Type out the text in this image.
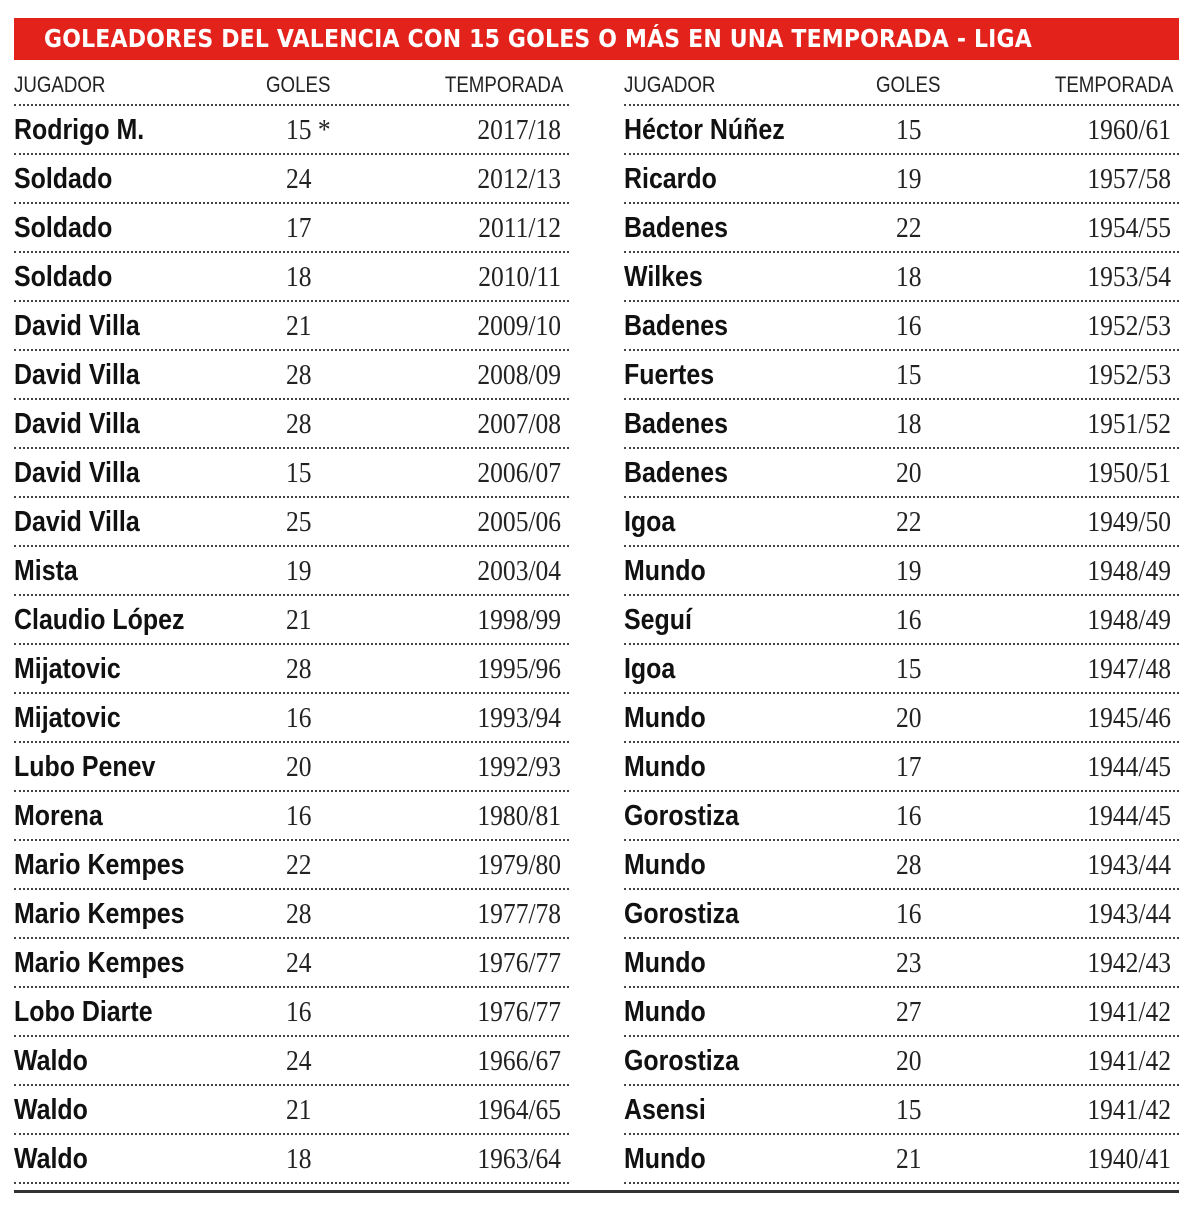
GOLEADORES DEL VALENCIA CON 15 GOLES O MÁS EN UNA TEMPORADA - LIGA
JUGADOR	GOLES	TEMPORADA
Rodrigo M.	15 *	2017/18
Soldado	24	2012/13
Soldado	17	2011/12
Soldado	18	2010/11
David Villa	21	2009/10
David Villa	28	2008/09
David Villa	28	2007/08
David Villa	15	2006/07
David Villa	25	2005/06
Mista	19	2003/04
Claudio López	21	1998/99
Mijatovic	28	1995/96
Mijatovic	16	1993/94
Lubo Penev	20	1992/93
Morena	16	1980/81
Mario Kempes	22	1979/80
Mario Kempes	28	1977/78
Mario Kempes	24	1976/77
Lobo Diarte	16	1976/77
Waldo	24	1966/67
Waldo	21	1964/65
Waldo	18	1963/64
JUGADOR	GOLES	TEMPORADA
Héctor Núñez	15	1960/61
Ricardo	19	1957/58
Badenes	22	1954/55
Wilkes	18	1953/54
Badenes	16	1952/53
Fuertes	15	1952/53
Badenes	18	1951/52
Badenes	20	1950/51
Igoa	22	1949/50
Mundo	19	1948/49
Seguí	16	1948/49
Igoa	15	1947/48
Mundo	20	1945/46
Mundo	17	1944/45
Gorostiza	16	1944/45
Mundo	28	1943/44
Gorostiza	16	1943/44
Mundo	23	1942/43
Mundo	27	1941/42
Gorostiza	20	1941/42
Asensi	15	1941/42
Mundo	21	1940/41
